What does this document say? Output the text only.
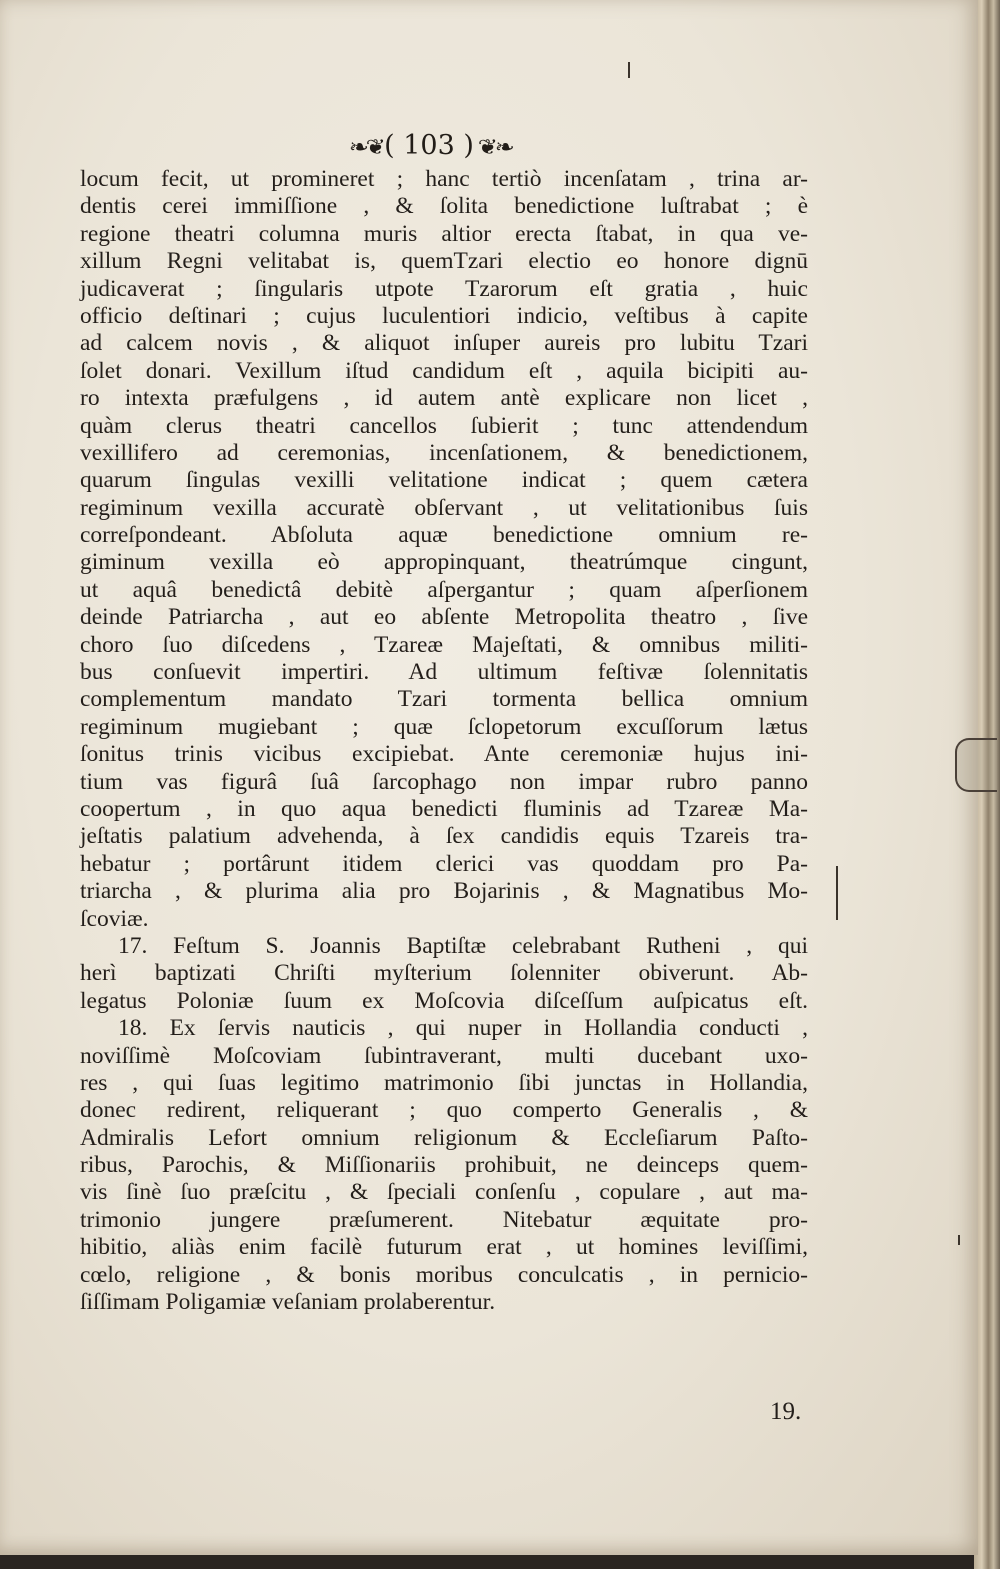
❧❦( 103 ) ❦❧
locum fecit, ut promineret ; hanc tertiò incenſatam , trina ar-
dentis cerei immiſſione , & ſolita benedictione luſtrabat ; è
regione theatri columna muris altior erecta ſtabat, in qua ve-
xillum Regni velitabat is, quemTzari electio eo honore dignū
judicaverat ; ſingularis utpote Tzarorum eſt gratia , huic
officio deſtinari ; cujus luculentiori indicio, veſtibus à capite
ad calcem novis , & aliquot inſuper aureis pro lubitu Tzari
ſolet donari. Vexillum iſtud candidum eſt , aquila bicipiti au-
ro intexta præfulgens , id autem antè explicare non licet ,
quàm clerus theatri cancellos ſubierit ; tunc attendendum
vexillifero ad ceremonias, incenſationem, & benedictionem,
quarum ſingulas vexilli velitatione indicat ; quem cætera
regiminum vexilla accuratè obſervant , ut velitationibus ſuis
correſpondeant. Abſoluta aquæ benedictione omnium re-
giminum vexilla eò appropinquant, theatrúmque cingunt,
ut aquâ benedictâ debitè aſpergantur ; quam aſperſionem
deinde Patriarcha , aut eo abſente Metropolita theatro , ſive
choro ſuo diſcedens , Tzareæ Majeſtati, & omnibus militi-
bus conſuevit impertiri. Ad ultimum feſtivæ ſolennitatis
complementum mandato Tzari tormenta bellica omnium
regiminum mugiebant ; quæ ſclopetorum excuſſorum lætus
ſonitus trinis vicibus excipiebat. Ante ceremoniæ hujus ini-
tium vas figurâ ſuâ ſarcophago non impar rubro panno
coopertum , in quo aqua benedicti fluminis ad Tzareæ Ma-
jeſtatis palatium advehenda, à ſex candidis equis Tzareis tra-
hebatur ; portârunt itidem clerici vas quoddam pro Pa-
triarcha , & plurima alia pro Bojarinis , & Magnatibus Mo-
ſcoviæ.
17. Feſtum S. Joannis Baptiſtæ celebrabant Rutheni , qui
herì baptizati Chriſti myſterium ſolenniter obiverunt. Ab-
legatus Poloniæ ſuum ex Moſcovia diſceſſum auſpicatus eſt.
18. Ex ſervis nauticis , qui nuper in Hollandia conducti ,
noviſſimè Moſcoviam ſubintraverant, multi ducebant uxo-
res , qui ſuas legitimo matrimonio ſibi junctas in Hollandia,
donec redirent, reliquerant ; quo comperto Generalis , &
Admiralis Lefort omnium religionum & Eccleſiarum Paſto-
ribus, Parochis, & Miſſionariis prohibuit, ne deinceps quem-
vis ſinè ſuo præſcitu , & ſpeciali conſenſu , copulare , aut ma-
trimonio jungere præſumerent. Nitebatur æquitate pro-
hibitio, aliàs enim facilè futurum erat , ut homines leviſſimi,
cœlo, religione , & bonis moribus conculcatis , in pernicio-
ſiſſimam Poligamiæ veſaniam prolaberentur.
19.
